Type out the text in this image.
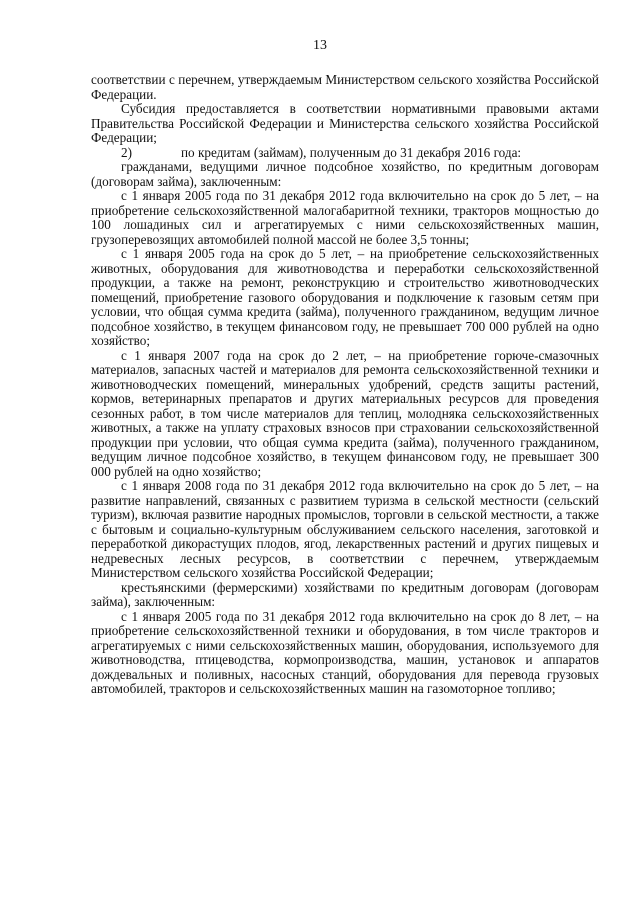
13

соответствии с перечнем, утверждаемым Министерством сельского хозяйства Российской Федерации.

Субсидия предоставляется в соответствии нормативными правовыми актами Правительства Российской Федерации и Министерства сельского хозяйства Российской Федерации;

2)	по кредитам (займам), полученным до 31 декабря 2016 года:

гражданами, ведущими личное подсобное хозяйство, по кредитным договорам (договорам займа), заключенным:

с 1 января 2005 года по 31 декабря 2012 года включительно на срок до 5 лет, – на приобретение сельскохозяйственной малогабаритной техники, тракторов мощностью до 100 лошадиных сил и агрегатируемых с ними сельскохозяйственных машин, грузоперевозящих автомобилей полной массой не более 3,5 тонны;

с 1 января 2005 года на срок до 5 лет, – на приобретение сельскохозяйственных животных, оборудования для животноводства и переработки сельскохозяйственной продукции, а также на ремонт, реконструкцию и строительство животноводческих помещений, приобретение газового оборудования и подключение к газовым сетям при условии, что общая сумма кредита (займа), полученного гражданином, ведущим личное подсобное хозяйство, в текущем финансовом году, не превышает 700 000 рублей на одно хозяйство;

с 1 января 2007 года на срок до 2 лет, – на приобретение горюче-смазочных материалов, запасных частей и материалов для ремонта сельскохозяйственной техники и животноводческих помещений, минеральных удобрений, средств защиты растений, кормов, ветеринарных препаратов и других материальных ресурсов для проведения сезонных работ, в том числе материалов для теплиц, молодняка сельскохозяйственных животных, а также на уплату страховых взносов при страховании сельскохозяйственной продукции при условии, что общая сумма кредита (займа), полученного гражданином, ведущим личное подсобное хозяйство, в текущем финансовом году, не превышает 300 000 рублей на одно хозяйство;

с 1 января 2008 года по 31 декабря 2012 года включительно на срок до 5 лет, – на развитие направлений, связанных с развитием туризма в сельской местности (сельский туризм), включая развитие народных промыслов, торговли в сельской местности, а также с бытовым и социально-культурным обслуживанием сельского населения, заготовкой и переработкой дикорастущих плодов, ягод, лекарственных растений и других пищевых и недревесных лесных ресурсов, в соответствии с перечнем, утверждаемым Министерством сельского хозяйства Российской Федерации;

крестьянскими (фермерскими) хозяйствами по кредитным договорам (договорам займа), заключенным:

с 1 января 2005 года по 31 декабря 2012 года включительно на срок до 8 лет, – на приобретение сельскохозяйственной техники и оборудования, в том числе тракторов и агрегатируемых с ними сельскохозяйственных машин, оборудования, используемого для животноводства, птицеводства, кормопроизводства, машин, установок и аппаратов дождевальных и поливных, насосных станций, оборудования для перевода грузовых автомобилей, тракторов и сельскохозяйственных машин на газомоторное топливо;
